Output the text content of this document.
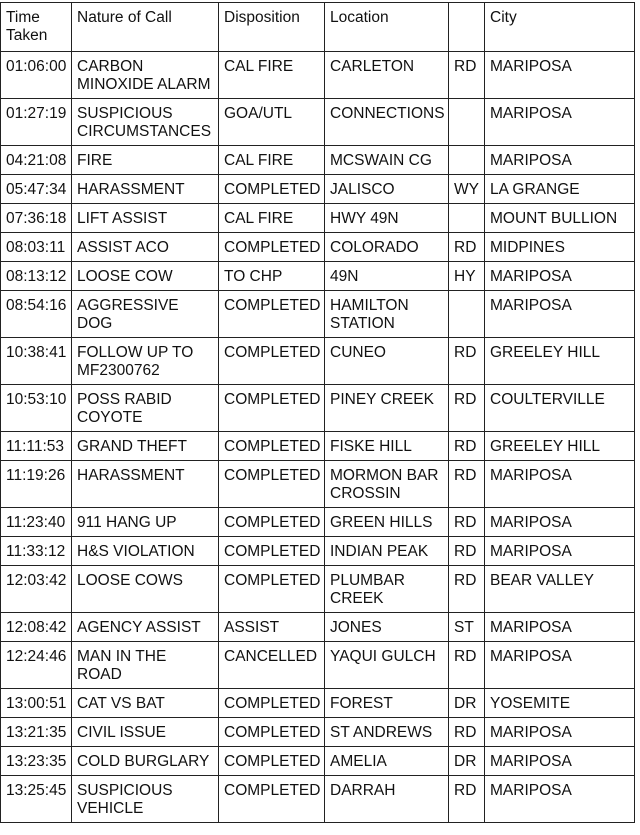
Time
Taken	Nature of Call	Disposition	Location		City
01:06:00	CARBON
MINOXIDE ALARM	CAL FIRE	CARLETON	RD	MARIPOSA
01:27:19	SUSPICIOUS
CIRCUMSTANCES	GOA/UTL	CONNECTIONS		MARIPOSA
04:21:08	FIRE	CAL FIRE	MCSWAIN CG		MARIPOSA
05:47:34	HARASSMENT	COMPLETED	JALISCO	WY	LA GRANGE
07:36:18	LIFT ASSIST	CAL FIRE	HWY 49N		MOUNT BULLION
08:03:11	ASSIST ACO	COMPLETED	COLORADO	RD	MIDPINES
08:13:12	LOOSE COW	TO CHP	49N	HY	MARIPOSA
08:54:16	AGGRESSIVE
DOG	COMPLETED	HAMILTON
STATION		MARIPOSA
10:38:41	FOLLOW UP TO
MF2300762	COMPLETED	CUNEO	RD	GREELEY HILL
10:53:10	POSS RABID
COYOTE	COMPLETED	PINEY CREEK	RD	COULTERVILLE
11:11:53	GRAND THEFT	COMPLETED	FISKE HILL	RD	GREELEY HILL
11:19:26	HARASSMENT	COMPLETED	MORMON BAR
CROSSIN	RD	MARIPOSA
11:23:40	911 HANG UP	COMPLETED	GREEN HILLS	RD	MARIPOSA
11:33:12	H&S VIOLATION	COMPLETED	INDIAN PEAK	RD	MARIPOSA
12:03:42	LOOSE COWS	COMPLETED	PLUMBAR
CREEK	RD	BEAR VALLEY
12:08:42	AGENCY ASSIST	ASSIST	JONES	ST	MARIPOSA
12:24:46	MAN IN THE
ROAD	CANCELLED	YAQUI GULCH	RD	MARIPOSA
13:00:51	CAT VS BAT	COMPLETED	FOREST	DR	YOSEMITE
13:21:35	CIVIL ISSUE	COMPLETED	ST ANDREWS	RD	MARIPOSA
13:23:35	COLD BURGLARY	COMPLETED	AMELIA	DR	MARIPOSA
13:25:45	SUSPICIOUS
VEHICLE	COMPLETED	DARRAH	RD	MARIPOSA
